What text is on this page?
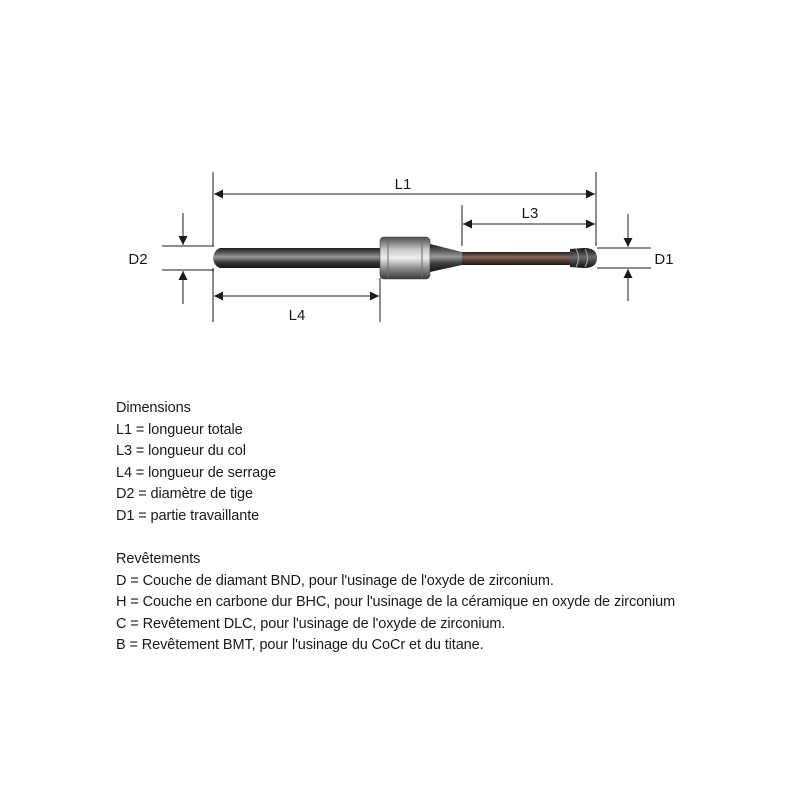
L1
L3
L4
D2	D1
Dimensions
L1 = longueur totale
L3 = longueur du col
L4 = longueur de serrage
D2 = diamètre de tige
D1 = partie travaillante
Revêtements
D = Couche de diamant BND, pour l'usinage de l'oxyde de zirconium.
H = Couche en carbone dur BHC, pour l'usinage de la céramique en oxyde de zirconium
C = Revêtement DLC, pour l'usinage de l'oxyde de zirconium.
B = Revêtement BMT, pour l'usinage du CoCr et du titane.
